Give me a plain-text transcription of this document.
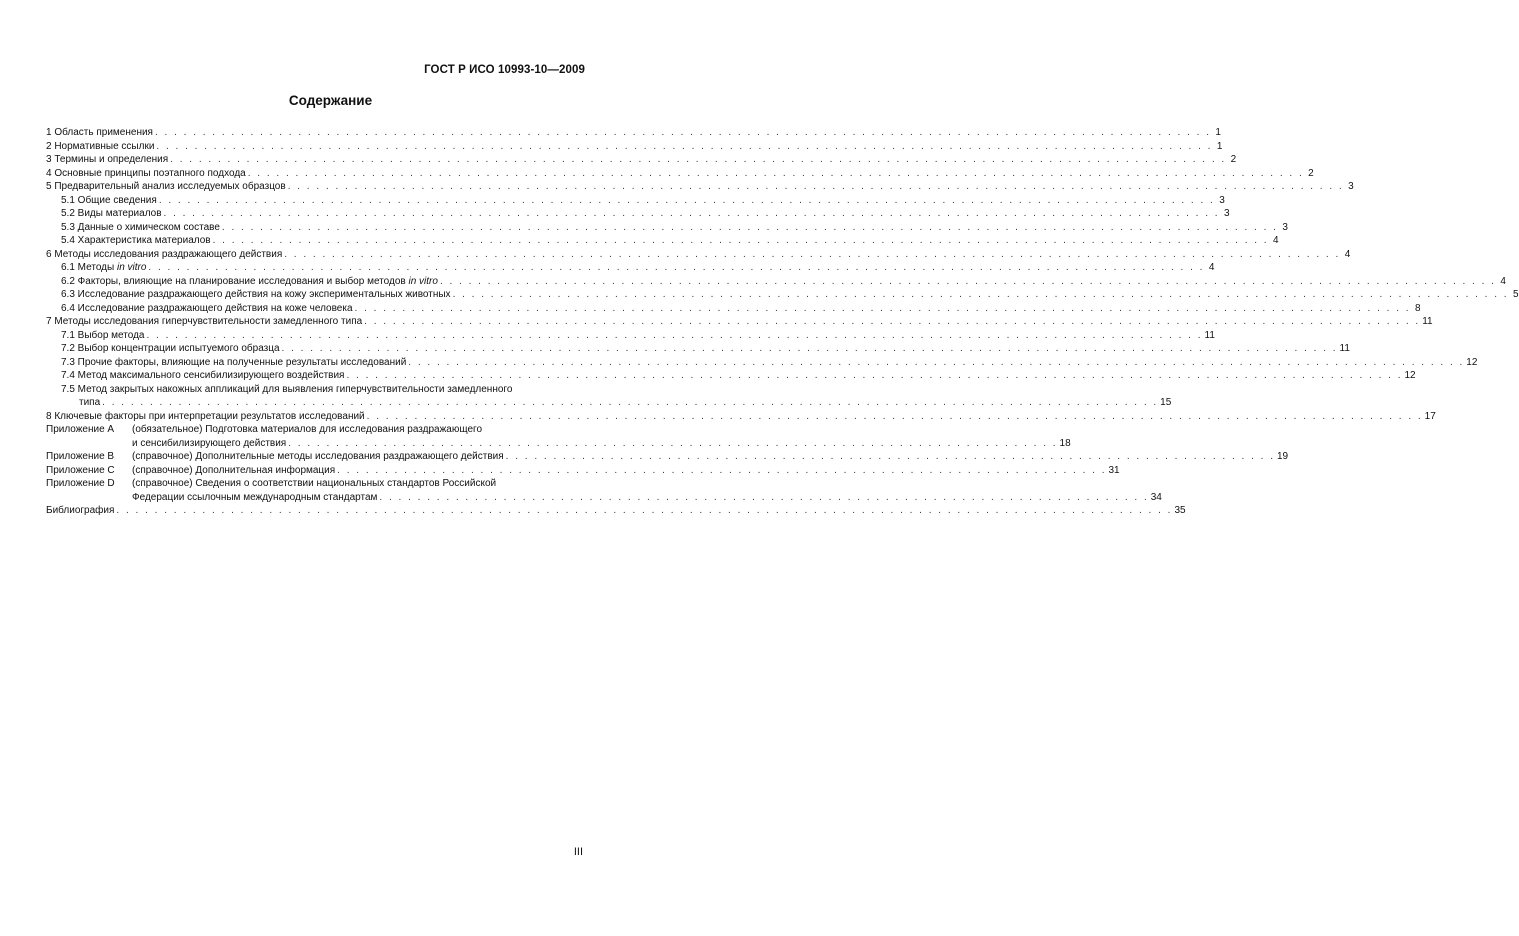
ГОСТ Р ИСО 10993-10—2009
Содержание
1 Область применения . . .	1
2 Нормативные ссылки . . .	1
3 Термины и определения . . .	2
4 Основные принципы поэтапного подхода . . .	2
5 Предварительный анализ исследуемых образцов . . .	3
5.1 Общие сведения . . .	3
5.2 Виды материалов . . .	3
5.3 Данные о химическом составе . . .	3
5.4 Характеристика материалов . . .	4
6 Методы исследования раздражающего действия . . .	4
6.1 Методы in vitro . . .	4
6.2 Факторы, влияющие на планирование исследования и выбор методов in vitro . . .	4
6.3 Исследование раздражающего действия на кожу экспериментальных животных . . .	5
6.4 Исследование раздражающего действия на коже человека . . .	8
7 Методы исследования гиперчувствительности замедленного типа . . .	11
7.1 Выбор метода . . .	11
7.2 Выбор концентрации испытуемого образца . . .	11
7.3 Прочие факторы, влияющие на полученные результаты исследований . . .	12
7.4 Метод максимального сенсибилизирующего воздействия . . .	12
7.5 Метод закрытых накожных аппликаций для выявления гиперчувствительности замедленного
типа . . .	15
8 Ключевые факторы при интерпретации результатов исследований . . .	17
Приложение А	(обязательное) Подготовка материалов для исследования раздражающего
и сенсибилизирующего действия . . .	18
Приложение В	(справочное) Дополнительные методы исследования раздражающего действия . . .	19
Приложение С	(справочное) Дополнительная информация . . .	31
Приложение D	(справочное) Сведения о соответствии национальных стандартов Российской
Федерации ссылочным международным стандартам . . .	34
Библиография . . .	35
III
